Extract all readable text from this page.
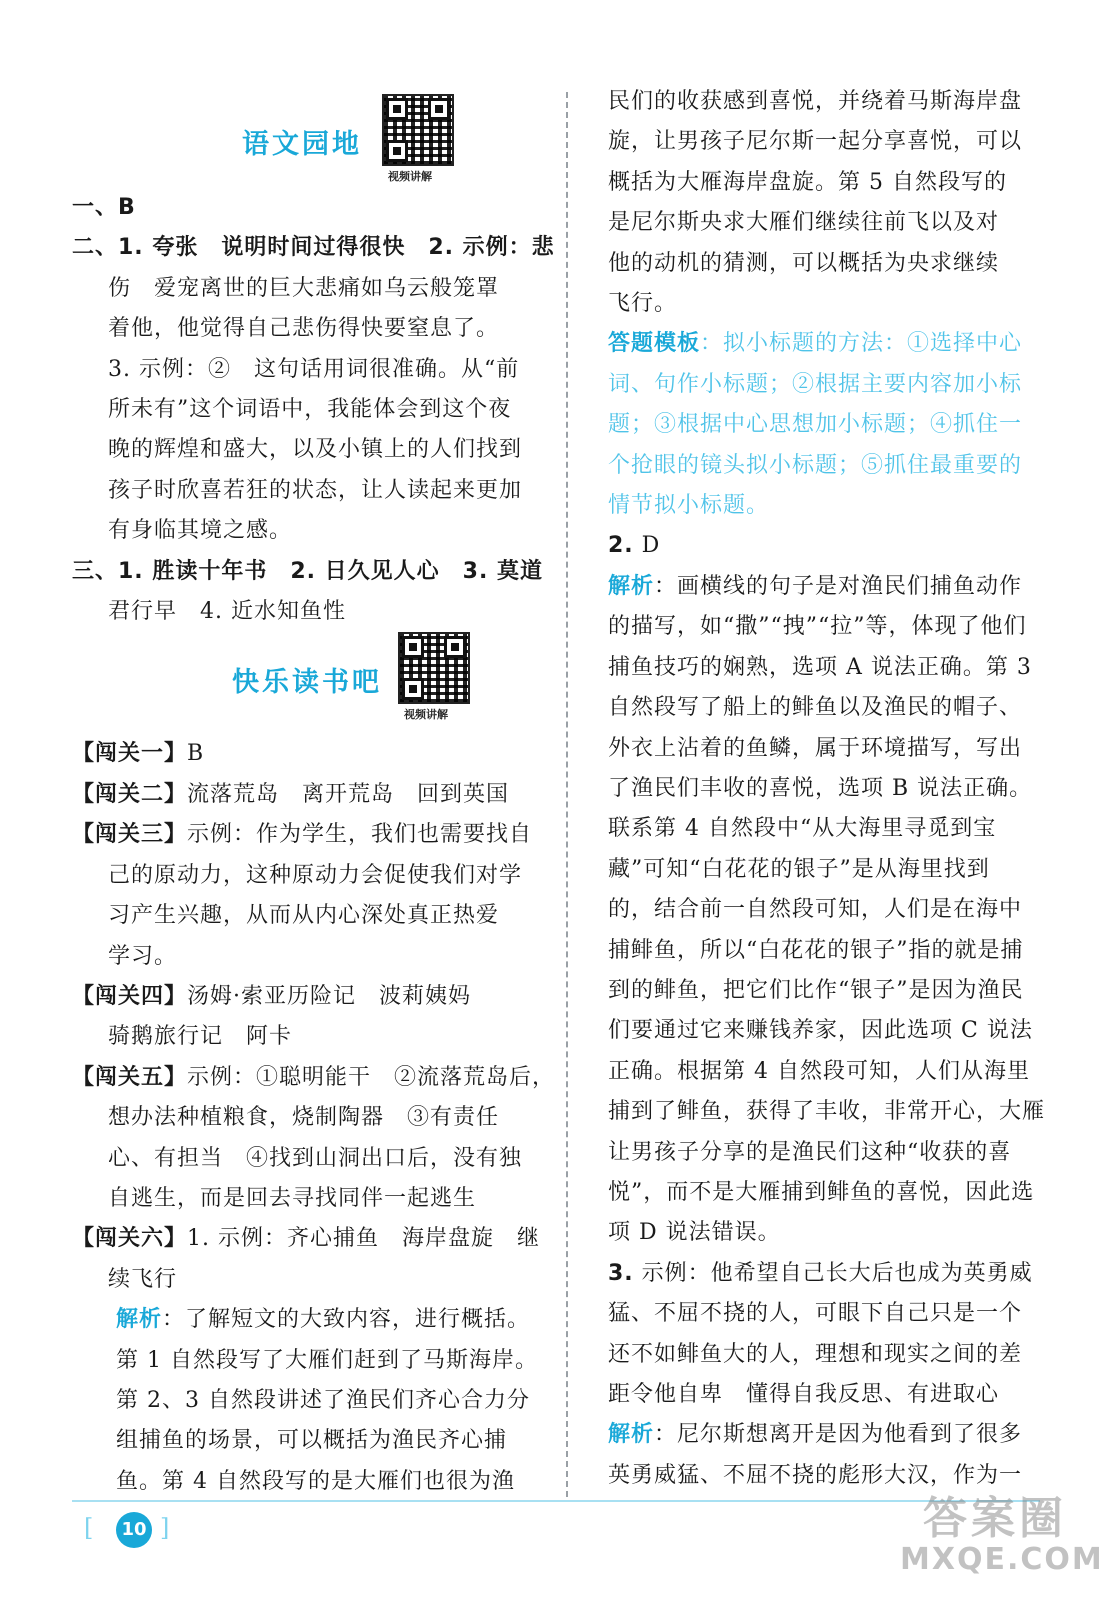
语文园地
视频讲解
一、B
二、1. 夸张　说明时间过得很快　2. 示例：悲
伤　爱宠离世的巨大悲痛如乌云般笼罩
着他，他觉得自己悲伤得快要窒息了。
3. 示例：②　这句话用词很准确。从“前
所未有”这个词语中，我能体会到这个夜
晚的辉煌和盛大，以及小镇上的人们找到
孩子时欣喜若狂的状态，让人读起来更加
有身临其境之感。
三、1. 胜读十年书　2. 日久见人心　3. 莫道
君行早　4. 近水知鱼性
快乐读书吧
视频讲解
【闯关一】B
【闯关二】流落荒岛　离开荒岛　回到英国
【闯关三】示例：作为学生，我们也需要找自
己的原动力，这种原动力会促使我们对学
习产生兴趣，从而从内心深处真正热爱
学习。
【闯关四】汤姆·索亚历险记　波莉姨妈
骑鹅旅行记　阿卡
【闯关五】示例：①聪明能干　②流落荒岛后，
想办法种植粮食，烧制陶器　③有责任
心、有担当　④找到山洞出口后，没有独
自逃生，而是回去寻找同伴一起逃生
【闯关六】1. 示例：齐心捕鱼　海岸盘旋　继
续飞行
解析：了解短文的大致内容，进行概括。
第 1 自然段写了大雁们赶到了马斯海岸。
第 2、3 自然段讲述了渔民们齐心合力分
组捕鱼的场景，可以概括为渔民齐心捕
鱼。第 4 自然段写的是大雁们也很为渔
民们的收获感到喜悦，并绕着马斯海岸盘
旋，让男孩子尼尔斯一起分享喜悦，可以
概括为大雁海岸盘旋。第 5 自然段写的
是尼尔斯央求大雁们继续往前飞以及对
他的动机的猜测，可以概括为央求继续
飞行。
答题模板：拟小标题的方法：①选择中心
词、句作小标题；②根据主要内容加小标
题；③根据中心思想加小标题；④抓住一
个抢眼的镜头拟小标题；⑤抓住最重要的
情节拟小标题。
2. D
解析：画横线的句子是对渔民们捕鱼动作
的描写，如“撒”“拽”“拉”等，体现了他们
捕鱼技巧的娴熟，选项 A 说法正确。第 3
自然段写了船上的鲱鱼以及渔民的帽子、
外衣上沾着的鱼鳞，属于环境描写，写出
了渔民们丰收的喜悦，选项 B 说法正确。
联系第 4 自然段中“从大海里寻觅到宝
藏”可知“白花花的银子”是从海里找到
的，结合前一自然段可知，人们是在海中
捕鲱鱼，所以“白花花的银子”指的就是捕
到的鲱鱼，把它们比作“银子”是因为渔民
们要通过它来赚钱养家，因此选项 C 说法
正确。根据第 4 自然段可知，人们从海里
捕到了鲱鱼，获得了丰收，非常开心，大雁
让男孩子分享的是渔民们这种“收获的喜
悦”，而不是大雁捕到鲱鱼的喜悦，因此选
项 D 说法错误。
3. 示例：他希望自己长大后也成为英勇威
猛、不屈不挠的人，可眼下自己只是一个
还不如鲱鱼大的人，理想和现实之间的差
距令他自卑　懂得自我反思、有进取心
解析：尼尔斯想离开是因为他看到了很多
英勇威猛、不屈不挠的彪形大汉，作为一
[	10 ]	答案圈
MXQE.COM
